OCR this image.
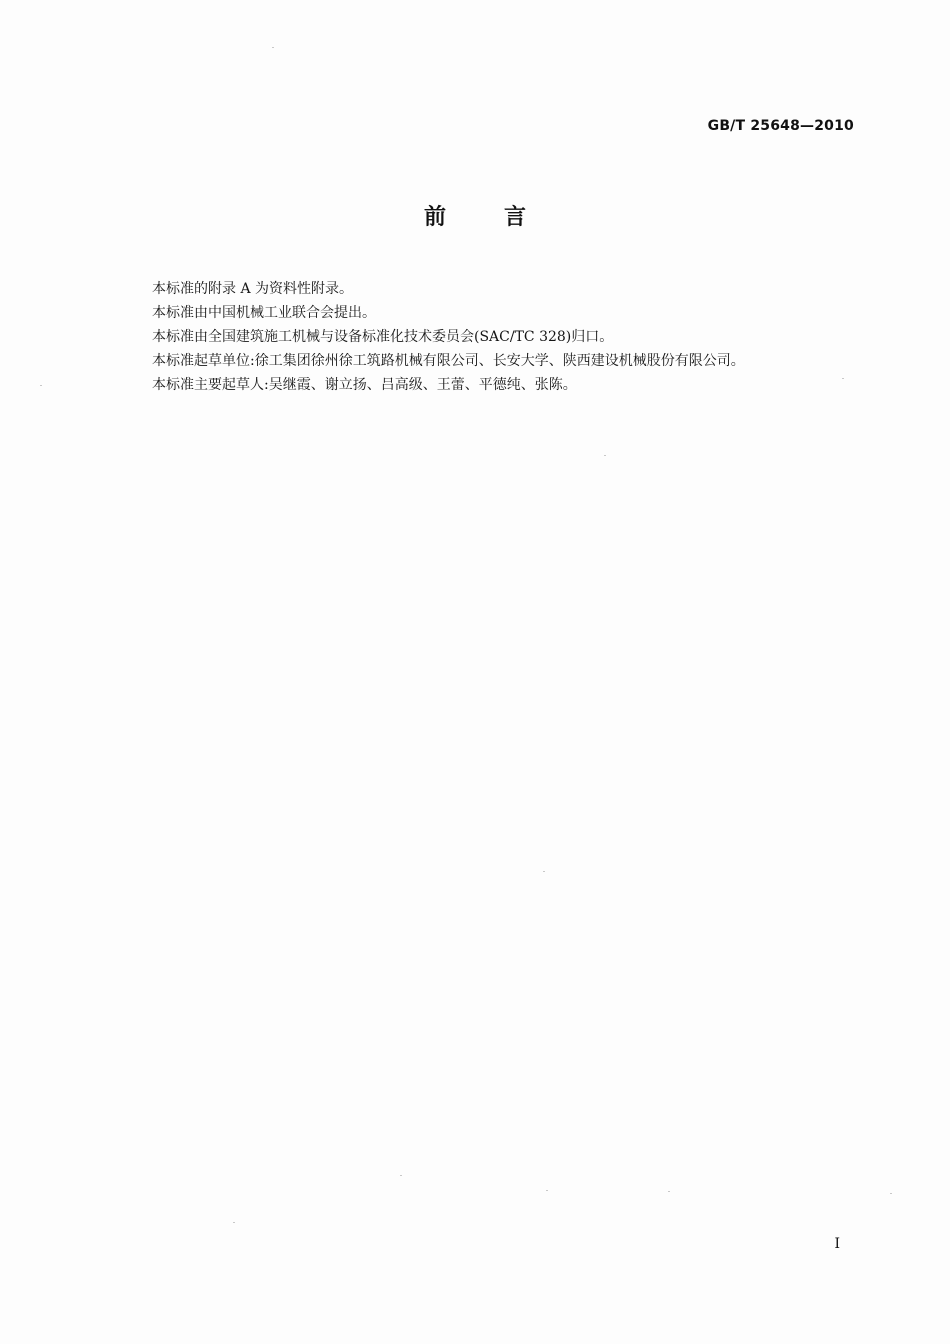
GB/T 25648—2010
前言
本标准的附录 A 为资料性附录。
本标准由中国机械工业联合会提出。
本标准由全国建筑施工机械与设备标准化技术委员会(SAC/TC 328)归口。
本标准起草单位:徐工集团徐州徐工筑路机械有限公司、长安大学、陕西建设机械股份有限公司。
本标准主要起草人:吴继霞、谢立扬、吕高级、王蕾、平德纯、张陈。
I
